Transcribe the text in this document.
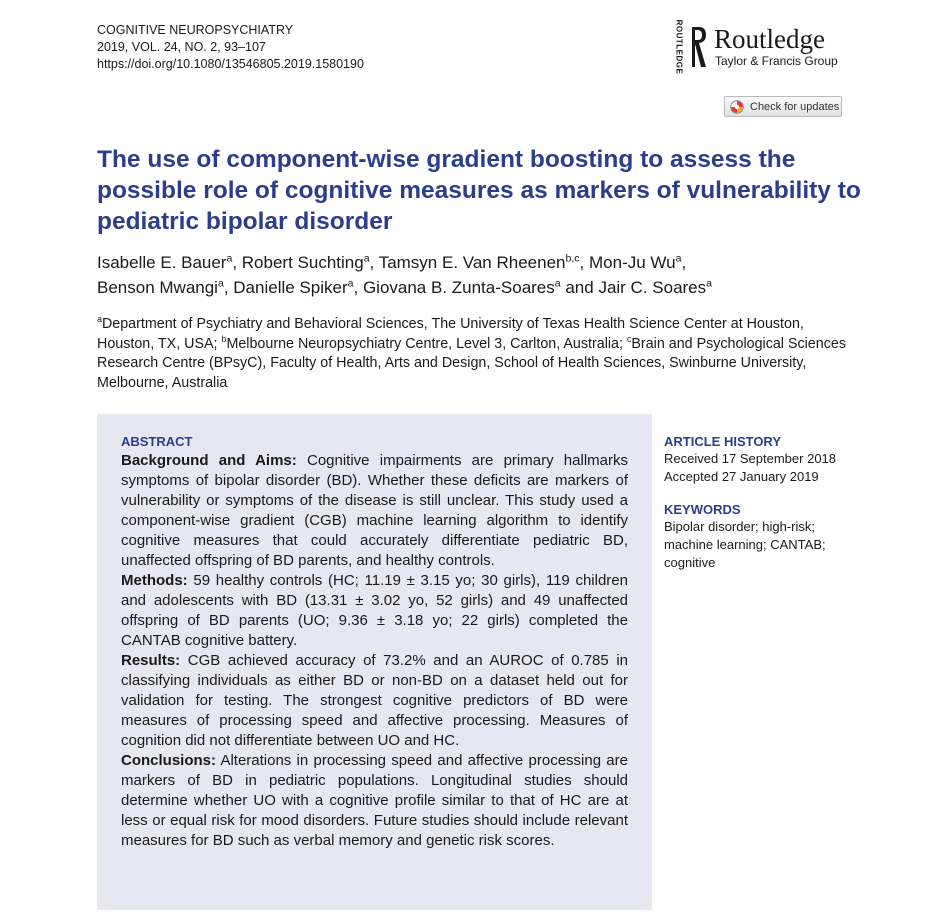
COGNITIVE NEUROPSYCHIATRY
2019, VOL. 24, NO. 2, 93–107
https://doi.org/10.1080/13546805.2019.1580190	ROUTLEDGE Routledge
Taylor & Francis Group
Check for updates
The use of component-wise gradient boosting to assess the possible role of cognitive measures as markers of vulnerability to pediatric bipolar disorder
Isabelle E. Bauer$^a$, Robert Suchting$^a$, Tamsyn E. Van Rheenen$^{b,c}$, Mon-Ju Wu$^a$,
Benson Mwangi$^a$, Danielle Spiker$^a$, Giovana B. Zunta-Soares$^a$ and Jair C. Soares$^a$
$^a$Department of Psychiatry and Behavioral Sciences, The University of Texas Health Science Center at Houston, Houston, TX, USA; $^b$Melbourne Neuropsychiatry Centre, Level 3, Carlton, Australia; $^c$Brain and Psychological Sciences Research Centre (BPsyC), Faculty of Health, Arts and Design, School of Health Sciences, Swinburne University, Melbourne, Australia
ABSTRACT

Background and Aims: Cognitive impairments are primary hallmarks symptoms of bipolar disorder (BD). Whether these deficits are markers of vulnerability or symptoms of the disease is still unclear. This study used a component-wise gradient (CGB) machine learning algorithm to identify cognitive measures that could accurately differentiate pediatric BD, unaffected offspring of BD parents, and healthy controls.

Methods: 59 healthy controls (HC; 11.19 ± 3.15 yo; 30 girls), 119 children and adolescents with BD (13.31 ± 3.02 yo, 52 girls) and 49 unaffected offspring of BD parents (UO; 9.36 ± 3.18 yo; 22 girls) completed the CANTAB cognitive battery.

Results: CGB achieved accuracy of 73.2% and an AUROC of 0.785 in classifying individuals as either BD or non-BD on a dataset held out for validation for testing. The strongest cognitive predictors of BD were measures of processing speed and affective processing. Measures of cognition did not differentiate between UO and HC.

Conclusions: Alterations in processing speed and affective processing are markers of BD in pediatric populations. Longitudinal studies should determine whether UO with a cognitive profile similar to that of HC are at less or equal risk for mood disorders. Future studies should include relevant measures for BD such as verbal memory and genetic risk scores.

ARTICLE HISTORY
Received 17 September 2018
Accepted 27 January 2019
KEYWORDS
Bipolar disorder; high-risk;
machine learning; CANTAB;
cognitive
